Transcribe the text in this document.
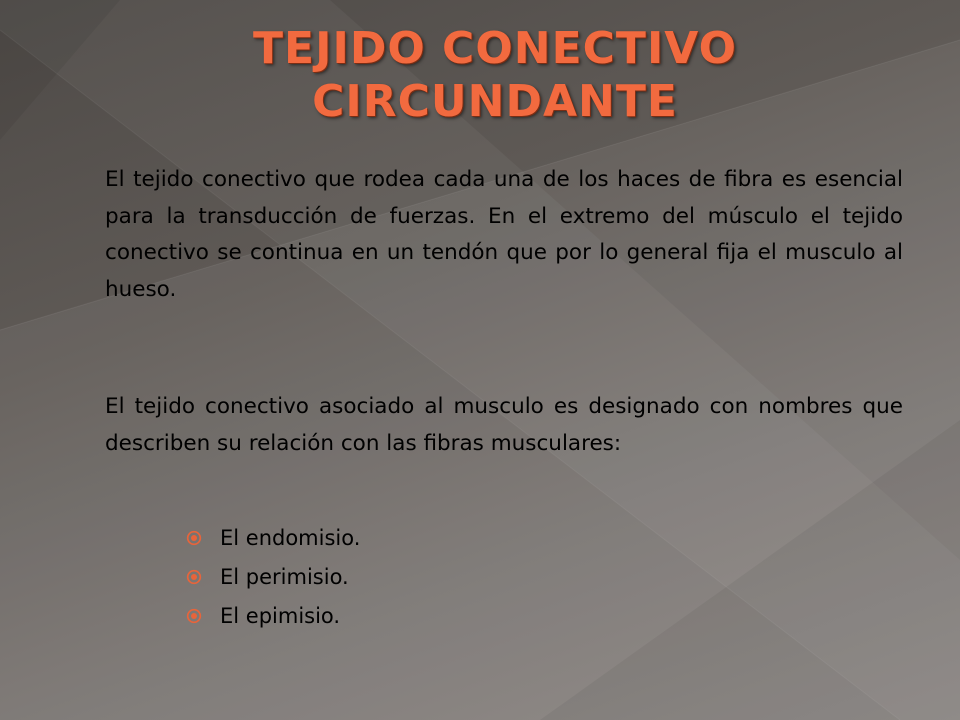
TEJIDO CONECTIVO CIRCUNDANTE

El tejido conectivo que rodea cada una de los haces de fibra es esencial para la transducción de fuerzas. En el extremo del músculo el tejido conectivo se continua en un tendón que por lo general fija el musculo al hueso.

El tejido conectivo asociado al musculo es designado con nombres que describen su relación con las fibras musculares:

El endomisio.
El perimisio.
El epimisio.
